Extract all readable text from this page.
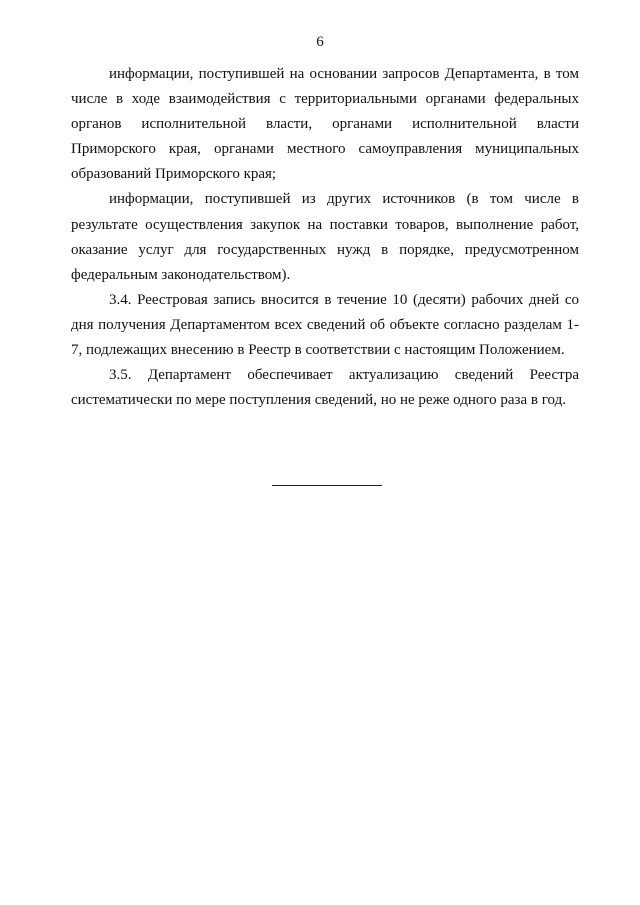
6

информации, поступившей на основании запросов Департамента, в том числе в ходе взаимодействия с территориальными органами федеральных органов исполнительной власти, органами исполнительной власти Приморского края, органами местного самоуправления муниципальных образований Приморского края;

информации, поступившей из других источников (в том числе в результате осуществления закупок на поставки товаров, выполнение работ, оказание услуг для государственных нужд в порядке, предусмотренном федеральным законодательством).

3.4. Реестровая запись вносится в течение 10 (десяти) рабочих дней со дня получения Департаментом всех сведений об объекте согласно разделам 1-7, подлежащих внесению в Реестр в соответствии с настоящим Положением.

3.5. Департамент обеспечивает актуализацию сведений Реестра систематически по мере поступления сведений, но не реже одного раза в год.
